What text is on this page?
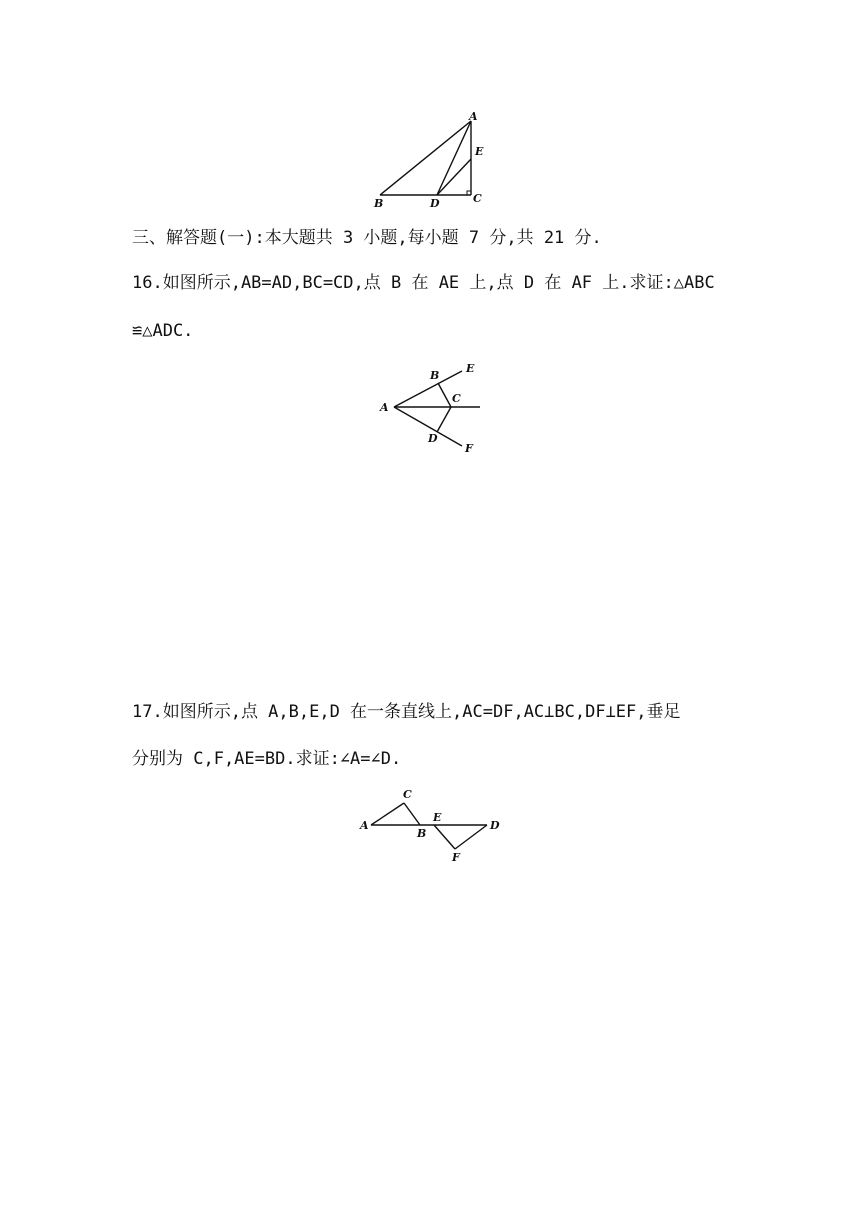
A
E
B	D	C
三、解答题(一):本大题共 3 小题,每小题 7 分,共 21 分.
16.如图所示,AB=AD,BC=CD,点 B 在 AE 上,点 D 在 AF 上.求证:△ABC
≌△ADC.
B
E
A
C
D
F
17.如图所示,点 A,B,E,D 在一条直线上,AC=DF,AC⊥BC,DF⊥EF,垂足
分别为 C,F,AE=BD.求证:∠A=∠D.
C
A
B
E
D
F
